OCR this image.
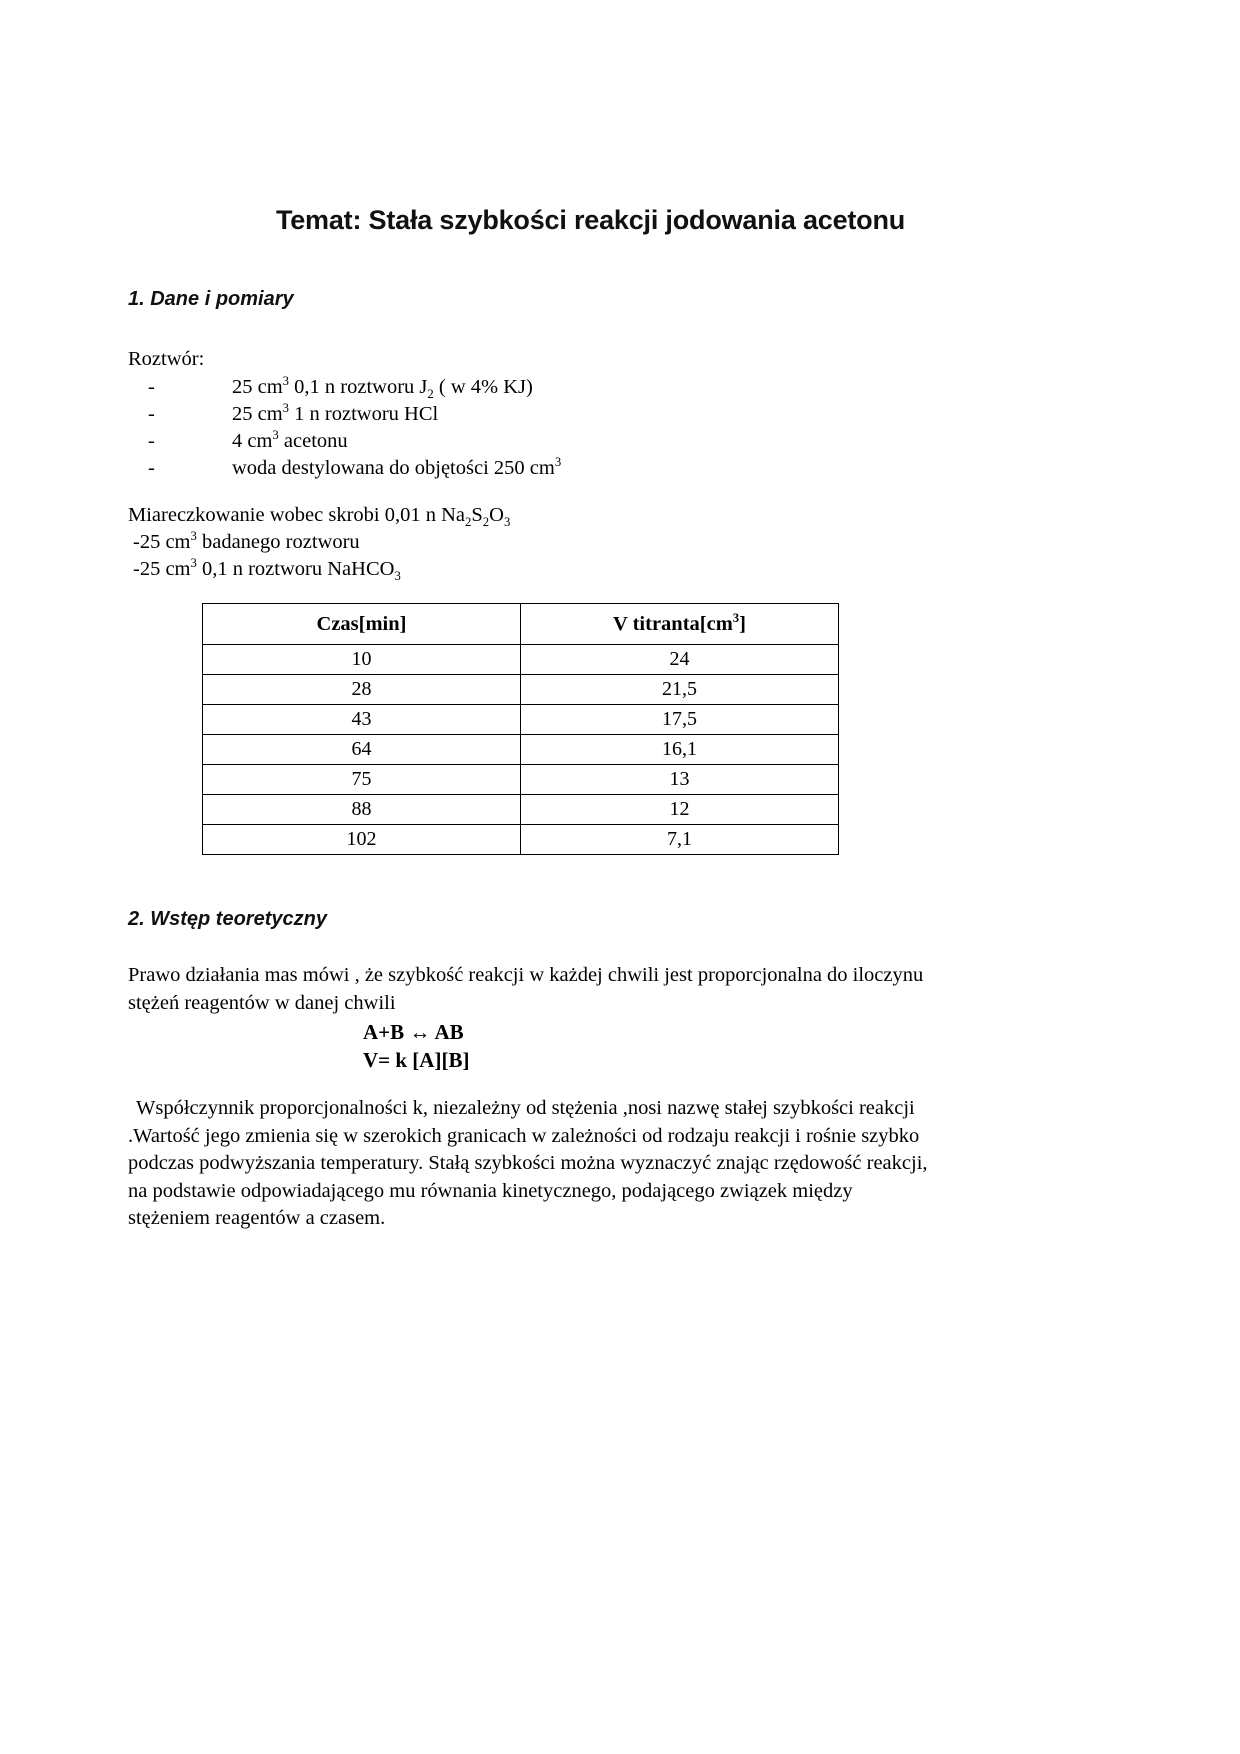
Temat: Stała szybkości reakcji jodowania acetonu
1. Dane i pomiary
Roztwór:
-	25 $cm^3$ 0,1 n roztworu $J_2$ ( w 4% KJ)
-	25 $cm^3$ 1 n roztworu HCl
-	4 $cm^3$ acetonu
-	woda destylowana do objętości 250 $cm^3$
Miareczkowanie wobec skrobi 0,01 n $Na_2S_2O_3$
-25 $cm^3$ badanego roztworu
-25 $cm^3$ 0,1 n roztworu NaHCO$_3$
Czas[min]	V $titranta[cm^3]$
10	24
28	21,5
43	17,5
64	16,1
75	13
88	12
102	7,1
2. Wstęp teoretyczny
Prawo działania mas mówi , że szybkość reakcji w każdej chwili jest proporcjonalna do iloczynu stężeń reagentów w danej chwili
A+B ↔ AB
V= k [A][B]
Współczynnik proporcjonalności k, niezależny od stężenia ,nosi nazwę stałej szybkości reakcji .Wartość jego zmienia się w szerokich granicach w zależności od rodzaju reakcji i rośnie szybko podczas podwyższania temperatury. Stałą szybkości można wyznaczyć znając rzędowość reakcji, na podstawie odpowiadającego mu równania kinetycznego, podającego związek między stężeniem reagentów a czasem.
